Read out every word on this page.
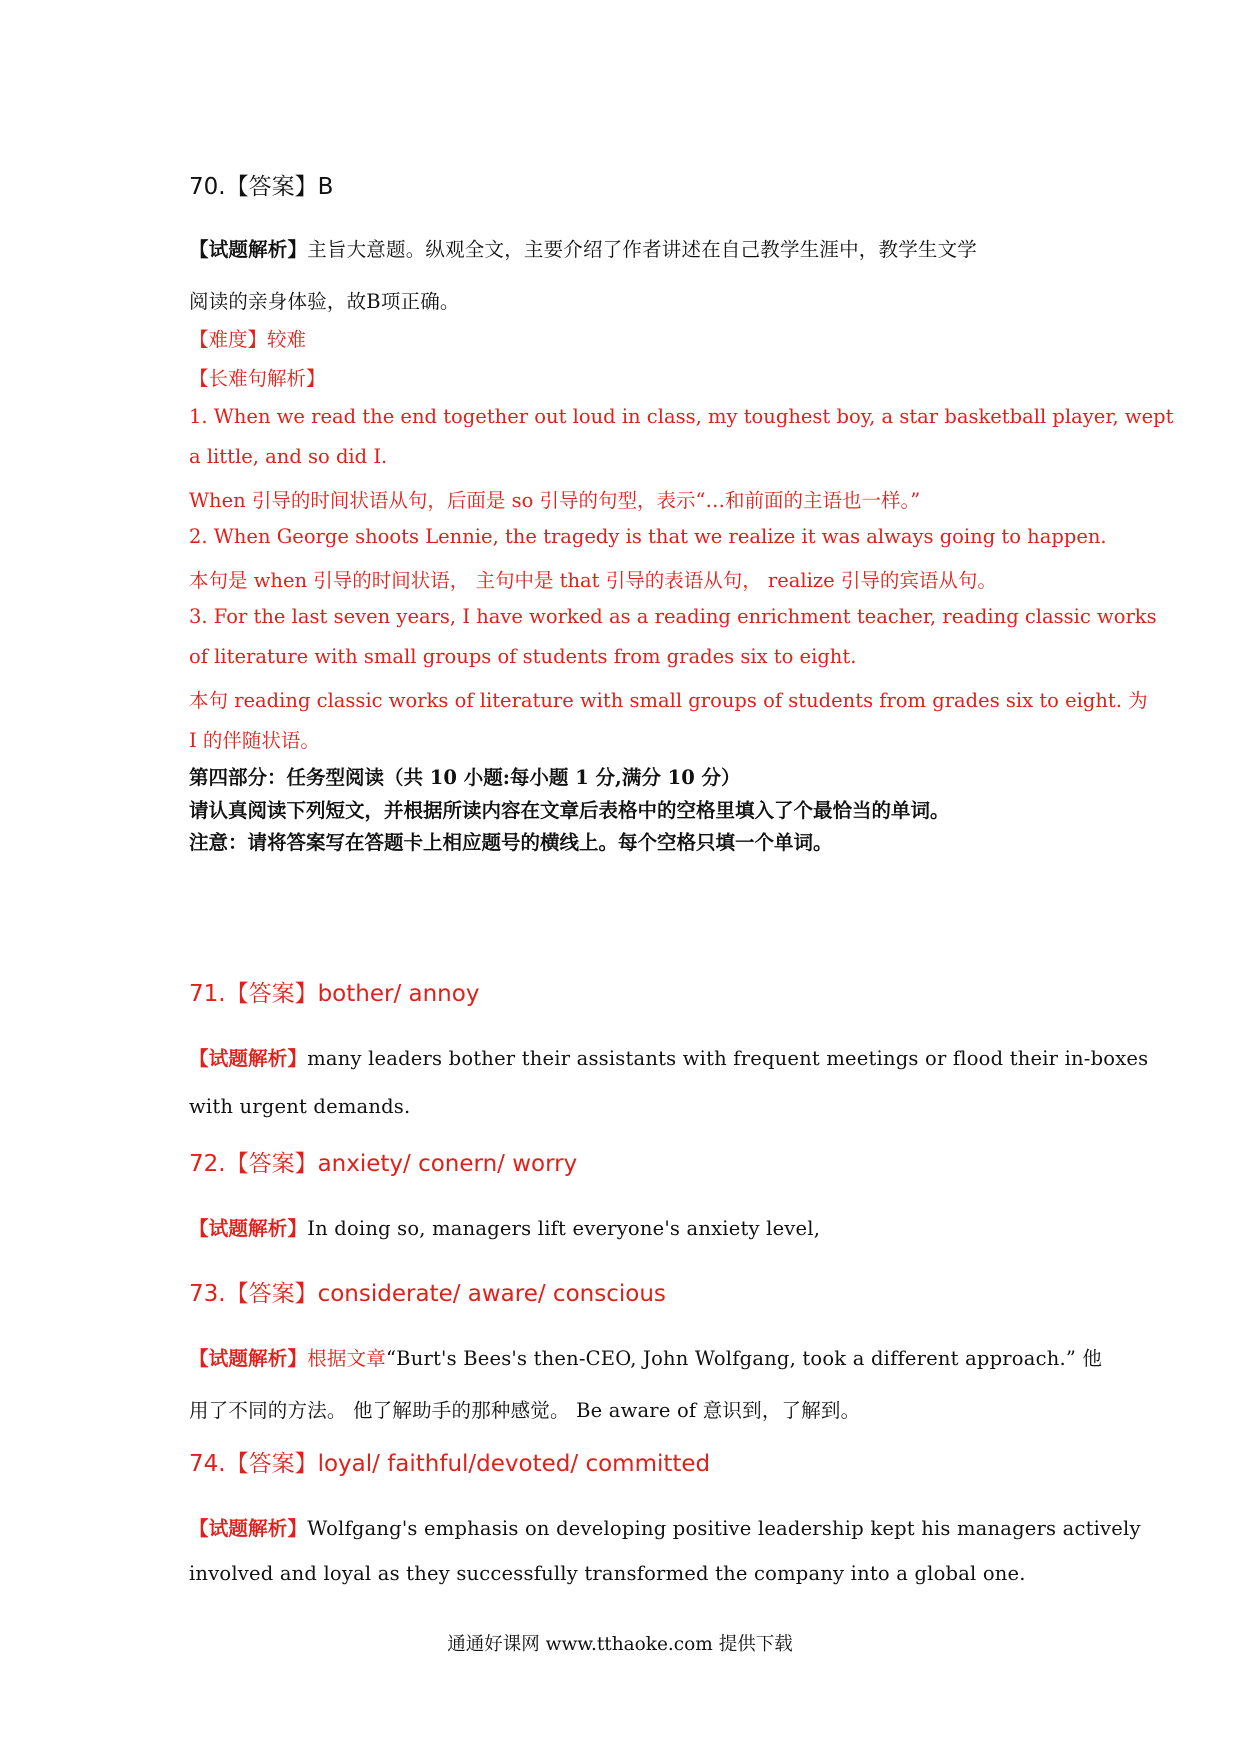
70.【答案】B
【试题解析】主旨大意题。纵观全文，主要介绍了作者讲述在自己教学生涯中，教学生文学
阅读的亲身体验，故B项正确。
【难度】较难
【长难句解析】
1. When we read the end together out loud in class, my toughest boy, a star basketball player, wept
a little, and so did I.
When 引导的时间状语从句，后面是 so 引导的句型，表示“…和前面的主语也一样。”
2. When George shoots Lennie, the tragedy is that we realize it was always going to happen.
本句是 when 引导的时间状语， 主句中是 that 引导的表语从句， realize 引导的宾语从句。
3. For the last seven years, I have worked as a reading enrichment teacher, reading classic works
of literature with small groups of students from grades six to eight.
本句 reading classic works of literature with small groups of students from grades six to eight. 为
I 的伴随状语。
第四部分：任务型阅读（共 10 小题:每小题 1 分,满分 10 分）
请认真阅读下列短文，并根据所读内容在文章后表格中的空格里填入了个最恰当的单词。
注意：请将答案写在答题卡上相应题号的横线上。每个空格只填一个单词。
71.【答案】bother/ annoy
【试题解析】many leaders bother their assistants with frequent meetings or flood their in-boxes
with urgent demands.
72.【答案】anxiety/ conern/ worry
【试题解析】In doing so, managers lift everyone's anxiety level,
73.【答案】considerate/ aware/ conscious
【试题解析】根据文章“Burt's Bees's then-CEO, John Wolfgang, took a different approach.” 他
用了不同的方法。 他了解助手的那种感觉。 Be aware of 意识到，了解到。
74.【答案】loyal/ faithful/devoted/ committed
【试题解析】Wolfgang's emphasis on developing positive leadership kept his managers actively
involved and loyal as they successfully transformed the company into a global one.
通通好课网 www.tthaoke.com 提供下载
